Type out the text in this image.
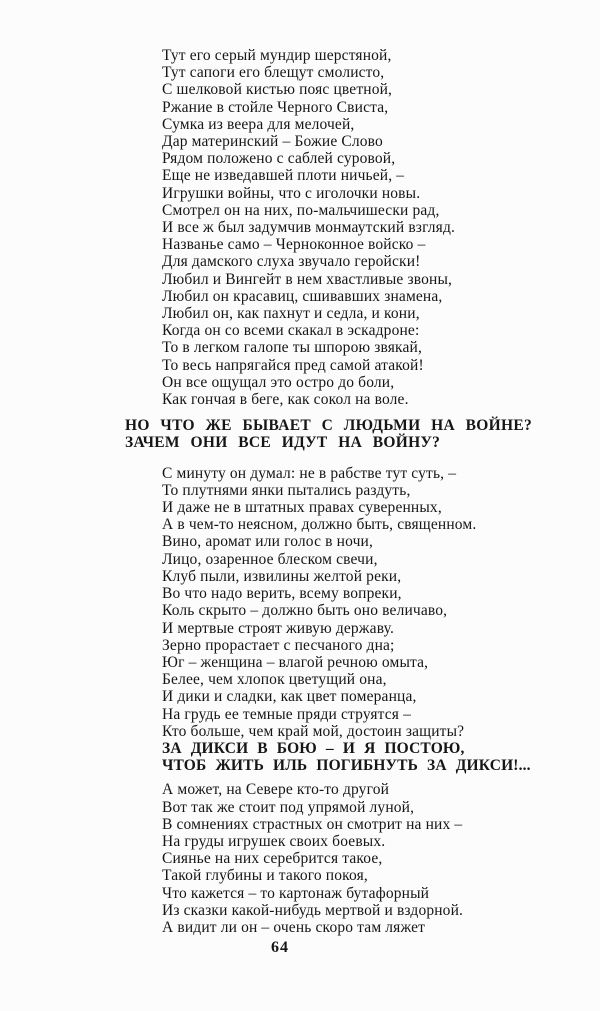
Тут его серый мундир шерстяной,
Тут сапоги его блещут смолисто,
С шелковой кистью пояс цветной,
Ржание в стойле Черного Свиста,
Сумка из веера для мелочей,
Дар материнский – Божие Слово
Рядом положено с саблей суровой,
Еще не изведавшей плоти ничьей, –
Игрушки войны, что с иголочки новы.
Смотрел он на них, по-мальчишески рад,
И все ж был задумчив монмаутский взгляд.
Названье само – Черноконное войско –
Для дамского слуха звучало геройски!
Любил и Вингейт в нем хвастливые звоны,
Любил он красавиц, сшивавших знамена,
Любил он, как пахнут и седла, и кони,
Когда он со всеми скакал в эскадроне:
То в легком галопе ты шпорою звякай,
То весь напрягайся пред самой атакой!
Он все ощущал это остро до боли,
Как гончая в беге, как сокол на воле.
НО ЧТО ЖЕ БЫВАЕТ С ЛЮДЬМИ НА ВОЙНЕ?
ЗАЧЕМ ОНИ ВСЕ ИДУТ НА ВОЙНУ?
С минуту он думал: не в рабстве тут суть, –
То плутнями янки пытались раздуть,
И даже не в штатных правах суверенных,
А в чем-то неясном, должно быть, священном.
Вино, аромат или голос в ночи,
Лицо, озаренное блеском свечи,
Клуб пыли, извилины желтой реки,
Во что надо верить, всему вопреки,
Коль скрыто – должно быть оно величаво,
И мертвые строят живую державу.
Зерно прорастает с песчаного дна;
Юг – женщина – влагой речною омыта,
Белее, чем хлопок цветущий она,
И дики и сладки, как цвет померанца,
На грудь ее темные пряди струятся –
Кто больше, чем край мой, достоин защиты?
ЗА ДИКСИ В БОЮ – И Я ПОСТОЮ,
ЧТОБ ЖИТЬ ИЛЬ ПОГИБНУТЬ ЗА ДИКСИ!...
А может, на Севере кто-то другой
Вот так же стоит под упрямой луной,
В сомнениях страстных он смотрит на них –
На груды игрушек своих боевых.
Сиянье на них серебрится такое,
Такой глубины и такого покоя,
Что кажется – то картонаж бутафорный
Из сказки какой-нибудь мертвой и вздорной.
А видит ли он – очень скоро там ляжет
64
